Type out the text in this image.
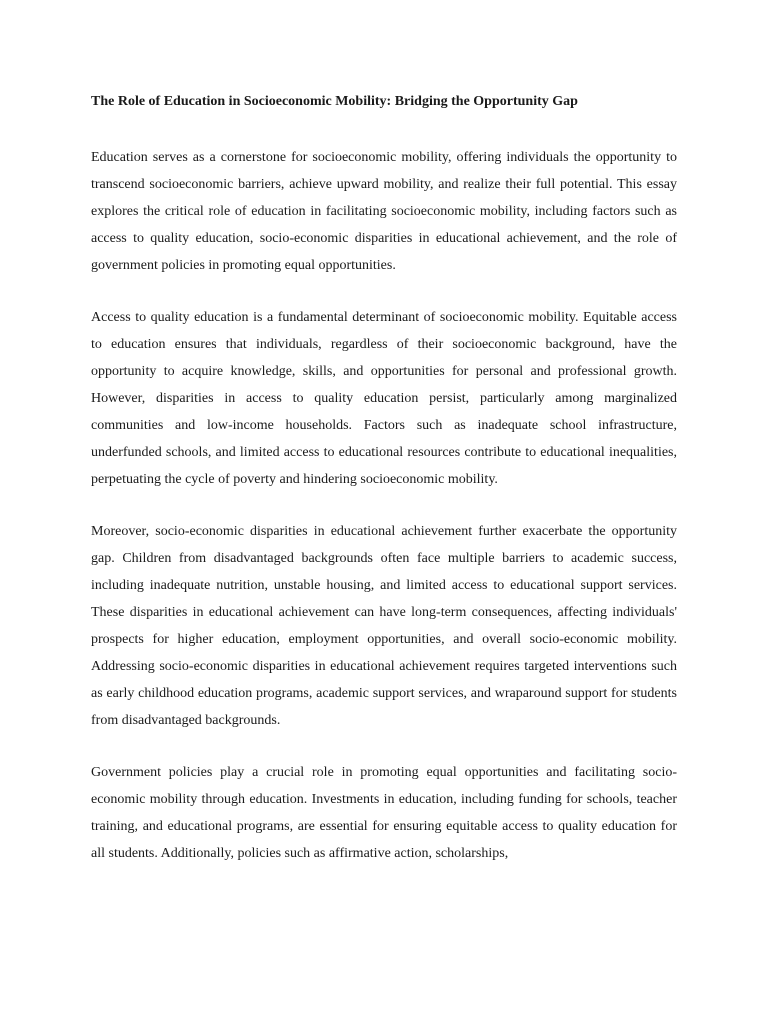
The Role of Education in Socioeconomic Mobility: Bridging the Opportunity Gap

Education serves as a cornerstone for socioeconomic mobility, offering individuals the opportunity to transcend socioeconomic barriers, achieve upward mobility, and realize their full potential. This essay explores the critical role of education in facilitating socioeconomic mobility, including factors such as access to quality education, socio-economic disparities in educational achievement, and the role of government policies in promoting equal opportunities.

Access to quality education is a fundamental determinant of socioeconomic mobility. Equitable access to education ensures that individuals, regardless of their socioeconomic background, have the opportunity to acquire knowledge, skills, and opportunities for personal and professional growth. However, disparities in access to quality education persist, particularly among marginalized communities and low-income households. Factors such as inadequate school infrastructure, underfunded schools, and limited access to educational resources contribute to educational inequalities, perpetuating the cycle of poverty and hindering socioeconomic mobility.

Moreover, socio-economic disparities in educational achievement further exacerbate the opportunity gap. Children from disadvantaged backgrounds often face multiple barriers to academic success, including inadequate nutrition, unstable housing, and limited access to educational support services. These disparities in educational achievement can have long-term consequences, affecting individuals' prospects for higher education, employment opportunities, and overall socio-economic mobility. Addressing socio-economic disparities in educational achievement requires targeted interventions such as early childhood education programs, academic support services, and wraparound support for students from disadvantaged backgrounds.

Government policies play a crucial role in promoting equal opportunities and facilitating socio-economic mobility through education. Investments in education, including funding for schools, teacher training, and educational programs, are essential for ensuring equitable access to quality education for all students. Additionally, policies such as affirmative action, scholarships,
